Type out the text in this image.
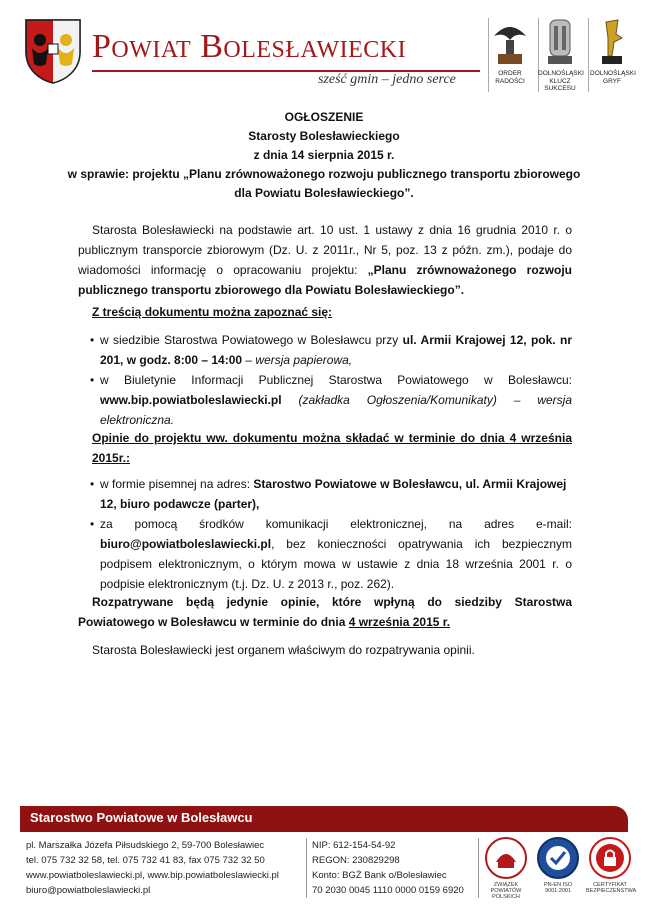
Powiat Bolesławiecki
sześć gmin – jedno serce	ORDER
RADOŚCI
DOLNOŚLĄSKI
KLUCZ SUKCESU
DOLNOŚLĄSKI
GRYF
OGŁOSZENIE
Starosty Bolesławieckiego
z dnia 14 sierpnia 2015 r.
w sprawie: projektu „Planu zrównoważonego rozwoju publicznego transportu zbiorowego
dla Powiatu Bolesławieckiego”.
Starosta Bolesławiecki na podstawie art. 10 ust. 1 ustawy z dnia 16 grudnia 2010 r. o publicznym transporcie zbiorowym (Dz. U. z 2011r., Nr 5, poz. 13 z późn. zm.), podaje do wiadomości informację o opracowaniu projektu: „Planu zrównoważonego rozwoju publicznego transportu zbiorowego dla Powiatu Bolesławieckiego”.
Z treścią dokumentu można zapoznać się:
• w siedzibie Starostwa Powiatowego w Bolesławcu przy ul. Armii Krajowej 12, pok. nr 201, w godz. 8:00 – 14:00 – wersja papierowa,
• w Biuletynie Informacji Publicznej Starostwa Powiatowego w Bolesławcu: www.bip.powiatboleslawiecki.pl (zakładka Ogłoszenia/Komunikaty) – wersja elektroniczna.
Opinie do projektu ww. dokumentu można składać w terminie do dnia 4 września 2015r.:
• w formie pisemnej na adres: Starostwo Powiatowe w Bolesławcu, ul. Armii Krajowej 12, biuro podawcze (parter),
• za pomocą środków komunikacji elektronicznej, na adres e-mail: biuro@powiatboleslawiecki.pl, bez konieczności opatrywania ich bezpiecznym podpisem elektronicznym, o którym mowa w ustawie z dnia 18 września 2001 r. o podpisie elektronicznym (t.j. Dz. U. z 2013 r., poz. 262).
Rozpatrywane będą jedynie opinie, które wpłyną do siedziby Starostwa Powiatowego w Bolesławcu w terminie do dnia 4 września 2015 r.
Starosta Bolesławiecki jest organem właściwym do rozpatrywania opinii.
Starostwo Powiatowe w Bolesławcu
pl. Marszałka Józefa Piłsudskiego 2, 59-700 Bolesławiec
tel. 075 732 32 58, tel. 075 732 41 83, fax 075 732 32 50
www.powiatboleslawiecki.pl, www.bip.powiatboleslawiecki.pl
biuro@powiatboleslawiecki.pl
NIP: 612-154-54-92
REGON: 230829298
Konto: BGŻ Bank o/Bolesławiec
70 2030 0045 1110 0000 0159 6920	ZWIĄZEK POWIATÓW POLSKICH
PN-EN ISO
9001:2001
CERTYFIKAT
BEZPIECZEŃSTWA
